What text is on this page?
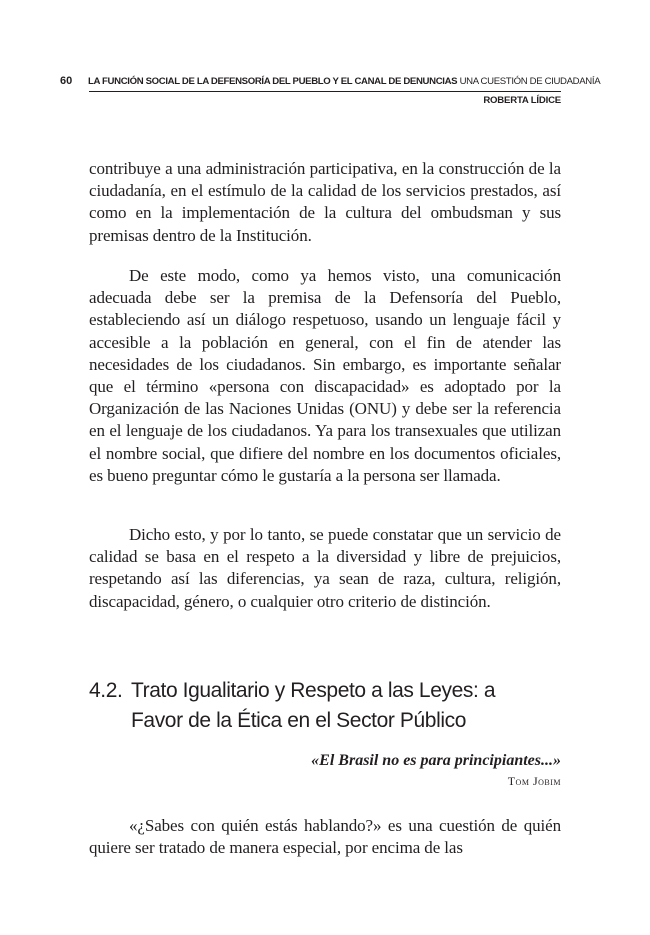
60 LA FUNCIÓN SOCIAL DE LA DEFENSORÍA DEL PUEBLO Y EL CANAL DE DENUNCIAS UNA CUESTIÓN DE CIUDADANÍA
ROBERTA LÍDICE

contribuye a una administración participativa, en la construcción de la ciudadanía, en el estímulo de la calidad de los servicios prestados, así como en la implementación de la cultura del ombudsman y sus premisas dentro de la Institución.

De este modo, como ya hemos visto, una comunicación adecuada debe ser la premisa de la Defensoría del Pueblo, estableciendo así un diálogo respetuoso, usando un lenguaje fácil y accesible a la población en general, con el fin de atender las necesidades de los ciudadanos. Sin embargo, es importante señalar que el término «persona con discapacidad» es adoptado por la Organización de las Naciones Unidas (ONU) y debe ser la referencia en el lenguaje de los ciudadanos. Ya para los transexuales que utilizan el nombre social, que difiere del nombre en los documentos oficiales, es bueno preguntar cómo le gustaría a la persona ser llamada.

Dicho esto, y por lo tanto, se puede constatar que un servicio de calidad se basa en el respeto a la diversidad y libre de prejuicios, respetando así las diferencias, ya sean de raza, cultura, religión, discapacidad, género, o cualquier otro criterio de distinción.

4.2. Trato Igualitario y Respeto a las Leyes: a
Favor de la Ética en el Sector Público
«El Brasil no es para principiantes...»
Tom Jobim

«¿Sabes con quién estás hablando?» es una cuestión de quién quiere ser tratado de manera especial, por encima de las
